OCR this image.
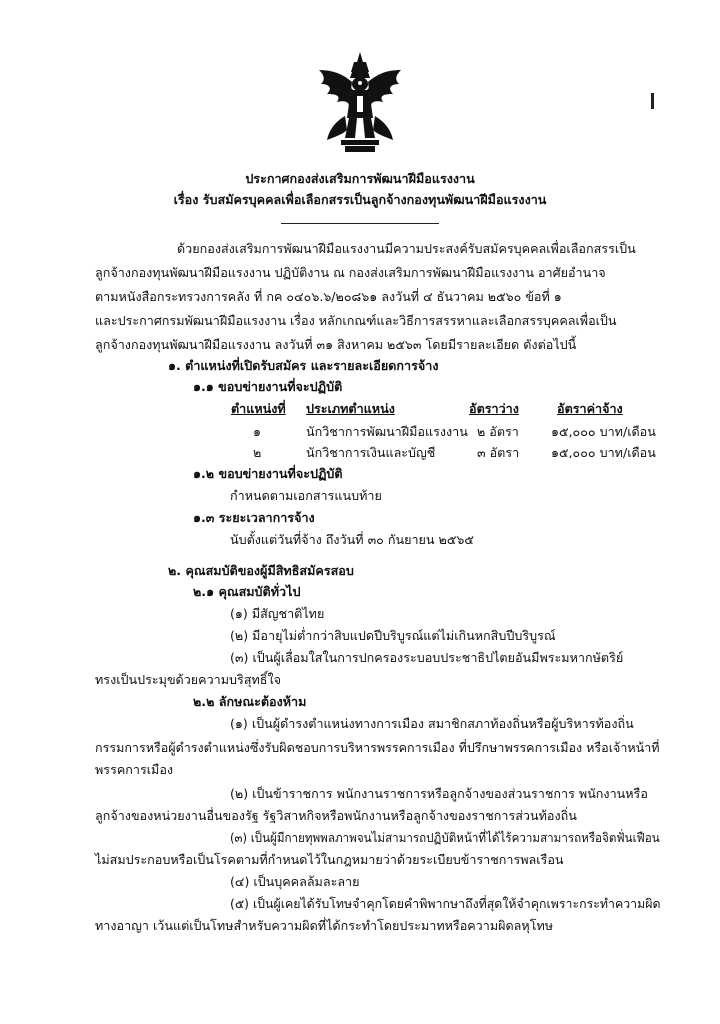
ประกาศกองส่งเสริมการพัฒนาฝีมือแรงงาน
เรื่อง รับสมัครบุคคลเพื่อเลือกสรรเป็นลูกจ้างกองทุนพัฒนาฝีมือแรงงาน
ด้วยกองส่งเสริมการพัฒนาฝีมือแรงงานมีความประสงค์รับสมัครบุคคลเพื่อเลือกสรรเป็น
ลูกจ้างกองทุนพัฒนาฝีมือแรงงาน ปฏิบัติงาน ณ กองส่งเสริมการพัฒนาฝีมือแรงงาน อาศัยอำนาจ
ตามหนังสือกระทรวงการคลัง ที่ กค ๐๔๐๖.๖/๒๐๘๖๑ ลงวันที่ ๔ ธันวาคม ๒๕๖๐ ข้อที่ ๑
และประกาศกรมพัฒนาฝีมือแรงงาน เรื่อง หลักเกณฑ์และวิธีการสรรหาและเลือกสรรบุคคลเพื่อเป็น
ลูกจ้างกองทุนพัฒนาฝีมือแรงงาน ลงวันที่ ๓๑ สิงหาคม ๒๕๖๓ โดยมีรายละเอียด ดังต่อไปนี้
๑. ตำแหน่งที่เปิดรับสมัคร และรายละเอียดการจ้าง
๑.๑ ขอบข่ายงานที่จะปฏิบัติ
ตำแหน่งที่ ประเภทตำแหน่ง	อัตราว่าง	อัตราค่าจ้าง
๑	นักวิชาการพัฒนาฝีมือแรงงาน ๒ อัตรา	๑๕,๐๐๐ บาท/เดือน
๒	นักวิชาการเงินและบัญชี	๓ อัตรา	๑๕,๐๐๐ บาท/เดือน
๑.๒ ขอบข่ายงานที่จะปฏิบัติ
กำหนดตามเอกสารแนบท้าย
๑.๓ ระยะเวลาการจ้าง
นับตั้งแต่วันที่จ้าง ถึงวันที่ ๓๐ กันยายน ๒๕๖๕
๒. คุณสมบัติของผู้มีสิทธิสมัครสอบ
๒.๑ คุณสมบัติทั่วไป
(๑) มีสัญชาติไทย
(๒) มีอายุไม่ต่ำกว่าสิบแปดปีบริบูรณ์แต่ไม่เกินหกสิบปีบริบูรณ์
(๓) เป็นผู้เลื่อมใสในการปกครองระบอบประชาธิปไตยอันมีพระมหากษัตริย์
ทรงเป็นประมุขด้วยความบริสุทธิ์ใจ
๒.๒ ลักษณะต้องห้าม
(๑) เป็นผู้ดำรงตำแหน่งทางการเมือง สมาชิกสภาท้องถิ่นหรือผู้บริหารท้องถิ่น
กรรมการหรือผู้ดำรงตำแหน่งซึ่งรับผิดชอบการบริหารพรรคการเมือง ที่ปรึกษาพรรคการเมือง หรือเจ้าหน้าที่
พรรคการเมือง
(๒) เป็นข้าราชการ พนักงานราชการหรือลูกจ้างของส่วนราชการ พนักงานหรือ
ลูกจ้างของหน่วยงานอื่นของรัฐ รัฐวิสาหกิจหรือพนักงานหรือลูกจ้างของราชการส่วนท้องถิ่น
(๓) เป็นผู้มีกายทุพพลภาพจนไม่สามารถปฏิบัติหน้าที่ได้ไร้ความสามารถหรือจิตฟั่นเฟือน
ไม่สมประกอบหรือเป็นโรคตามที่กำหนดไว้ในกฎหมายว่าด้วยระเบียบข้าราชการพลเรือน
(๔) เป็นบุคคลล้มละลาย
(๕) เป็นผู้เคยได้รับโทษจำคุกโดยคำพิพากษาถึงที่สุดให้จำคุกเพราะกระทำความผิด
ทางอาญา เว้นแต่เป็นโทษสำหรับความผิดที่ได้กระทำโดยประมาทหรือความผิดลหุโทษ
